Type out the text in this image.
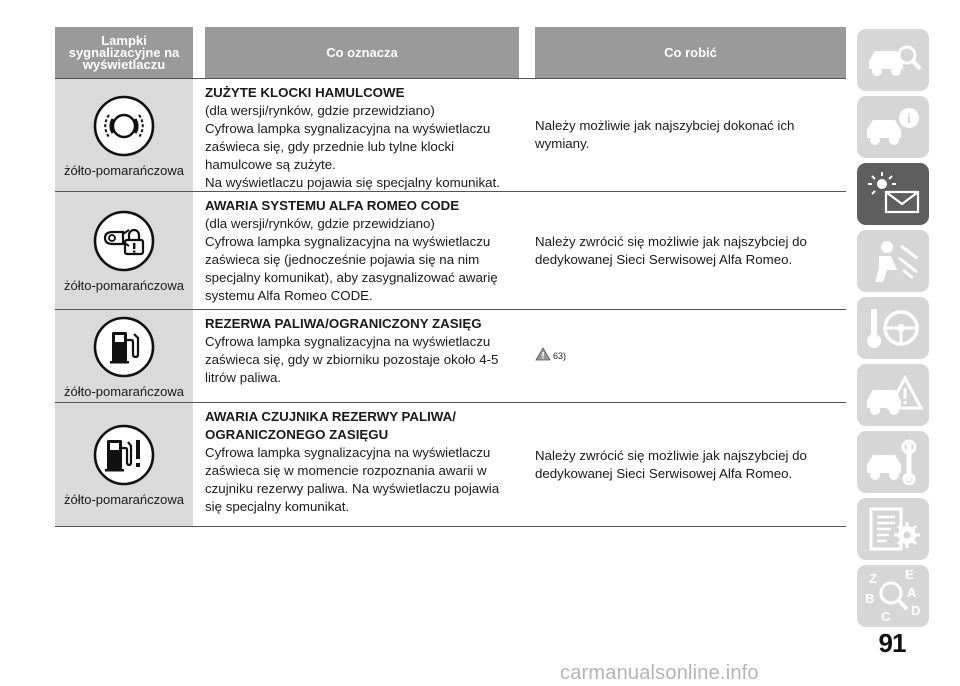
Lampki sygnalizacyjne na wyświetlaczu
Co oznacza	Co robić
żółto-pomarańczowa
ZUŻYTE KLOCKI HAMULCOWE
(dla wersji/rynków, gdzie przewidziano)
Cyfrowa lampka sygnalizacyjna na wyświetlaczu zaświeca się, gdy przednie lub tylne klocki hamulcowe są zużyte.
Na wyświetlaczu pojawia się specjalny komunikat.
Należy możliwie jak najszybciej dokonać ich wymiany.
żółto-pomarańczowa
AWARIA SYSTEMU ALFA ROMEO CODE
(dla wersji/rynków, gdzie przewidziano)
Cyfrowa lampka sygnalizacyjna na wyświetlaczu zaświeca się (jednocześnie pojawia się na nim specjalny komunikat), aby zasygnalizować awarię systemu Alfa Romeo CODE.
Należy zwrócić się możliwie jak najszybciej do dedykowanej Sieci Serwisowej Alfa Romeo.
żółto-pomarańczowa
REZERWA PALIWA/OGRANICZONY ZASIĘG
Cyfrowa lampka sygnalizacyjna na wyświetlaczu zaświeca się, gdy w zbiorniku pozostaje około 4-5 litrów paliwa.
63)
żółto-pomarańczowa
AWARIA CZUJNIKA REZERWY PALIWA/ OGRANICZONEGO ZASIĘGU
Cyfrowa lampka sygnalizacyjna na wyświetlaczu zaświeca się w momencie rozpoznania awarii w czujniku rezerwy paliwa. Na wyświetlaczu pojawia się specjalny komunikat.
Należy zwrócić się możliwie jak najszybciej do dedykowanej Sieci Serwisowej Alfa Romeo.
i
Z E
A
B
C D
91
carmanualsonline.info
